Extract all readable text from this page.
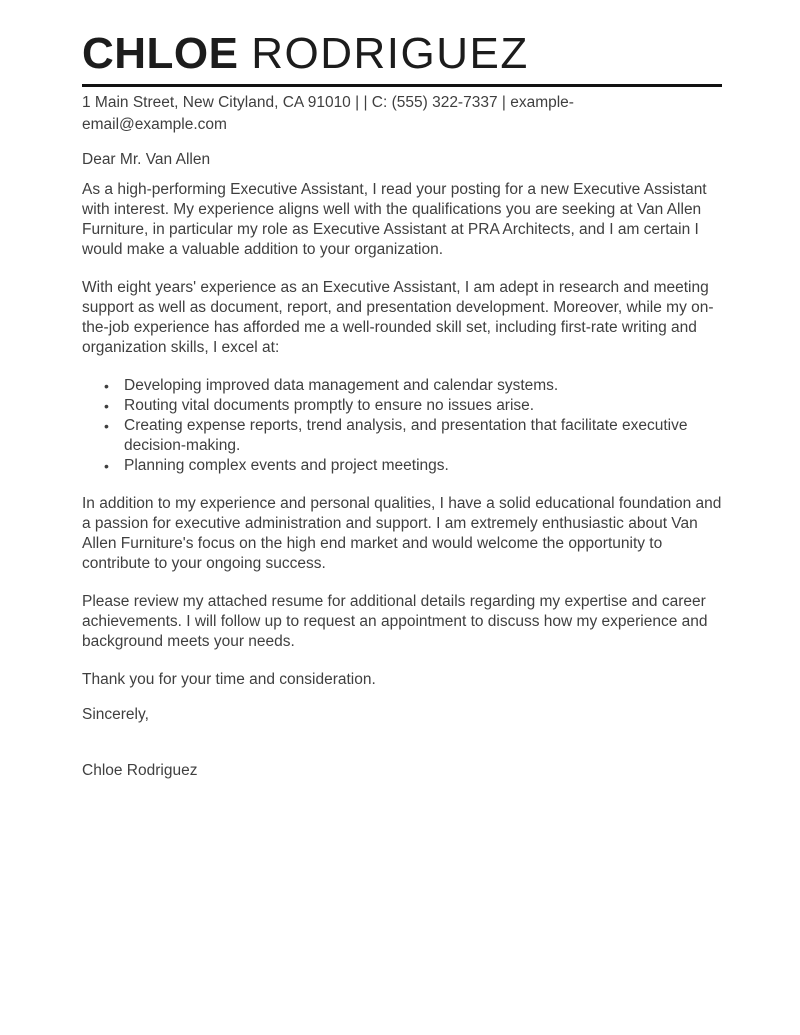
CHLOE RODRIGUEZ

1 Main Street, New Cityland, CA 91010 | | C: (555) 322-7337 | example-email@example.com

Dear Mr. Van Allen

As a high-performing Executive Assistant, I read your posting for a new Executive Assistant with interest. My experience aligns well with the qualifications you are seeking at Van Allen Furniture, in particular my role as Executive Assistant at PRA Architects, and I am certain I would make a valuable addition to your organization.

With eight years' experience as an Executive Assistant, I am adept in research and meeting support as well as document, report, and presentation development. Moreover, while my on-the-job experience has afforded me a well-rounded skill set, including first-rate writing and organization skills, I excel at:

• Developing improved data management and calendar systems.
• Routing vital documents promptly to ensure no issues arise.
• Creating expense reports, trend analysis, and presentation that facilitate executive decision-making.
• Planning complex events and project meetings.

In addition to my experience and personal qualities, I have a solid educational foundation and a passion for executive administration and support. I am extremely enthusiastic about Van Allen Furniture's focus on the high end market and would welcome the opportunity to contribute to your ongoing success.

Please review my attached resume for additional details regarding my expertise and career achievements. I will follow up to request an appointment to discuss how my experience and background meets your needs.

Thank you for your time and consideration.

Sincerely,

Chloe Rodriguez
